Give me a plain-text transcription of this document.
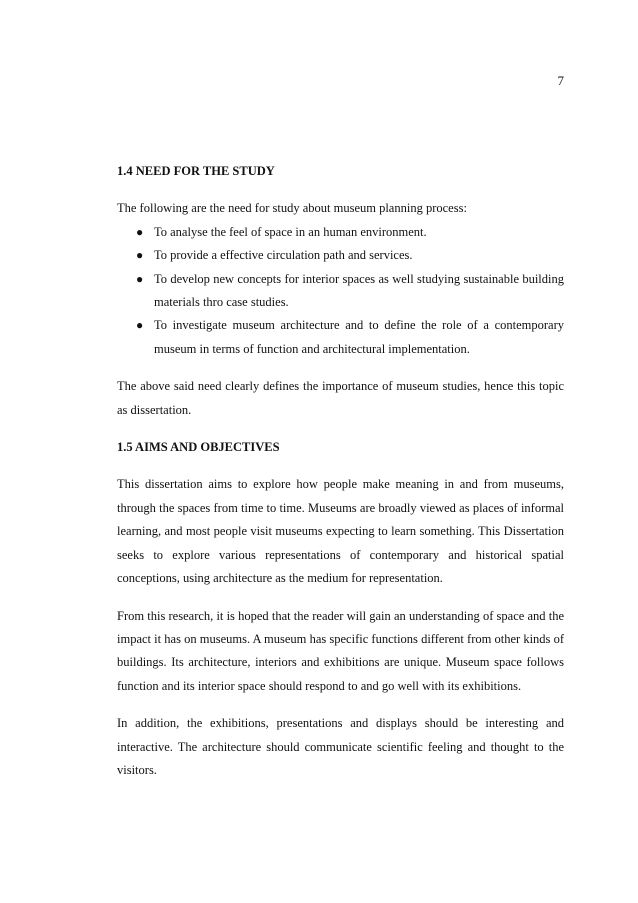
7
1.4 NEED FOR THE STUDY

The following are the need for study about museum planning process:

● To analyse the feel of space in an human environment.
● To provide a effective circulation path and services.
● To develop new concepts for interior spaces as well studying sustainable building materials thro case studies.
● To investigate museum architecture and to define the role of a contemporary museum in terms of function and architectural implementation.

The above said need clearly defines the importance of museum studies, hence this topic as dissertation.

1.5 AIMS AND OBJECTIVES

This dissertation aims to explore how people make meaning in and from museums, through the spaces from time to time. Museums are broadly viewed as places of informal learning, and most people visit museums expecting to learn something. This Dissertation seeks to explore various representations of contemporary and historical spatial conceptions, using architecture as the medium for representation.

From this research, it is hoped that the reader will gain an understanding of space and the impact it has on museums. A museum has specific functions different from other kinds of buildings. Its architecture, interiors and exhibitions are unique. Museum space follows function and its interior space should respond to and go well with its exhibitions.

In addition, the exhibitions, presentations and displays should be interesting and interactive. The architecture should communicate scientific feeling and thought to the visitors.
